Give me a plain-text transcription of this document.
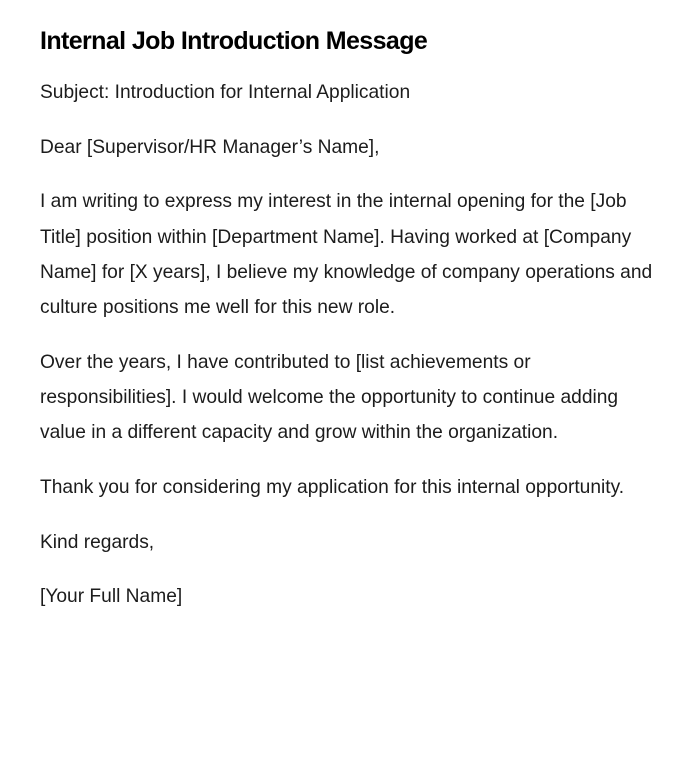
Internal Job Introduction Message

Subject: Introduction for Internal Application

Dear [Supervisor/HR Manager’s Name],

I am writing to express my interest in the internal opening for the [Job Title] position within [Department Name]. Having worked at [Company Name] for [X years], I believe my knowledge of company operations and culture positions me well for this new role.

Over the years, I have contributed to [list achievements or responsibilities]. I would welcome the opportunity to continue adding value in a different capacity and grow within the organization.

Thank you for considering my application for this internal opportunity.

Kind regards,

[Your Full Name]
